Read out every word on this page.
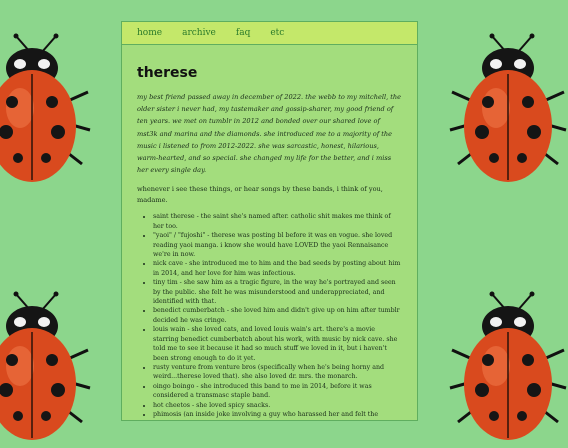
home archive faq etc
therese

my best friend passed away in december of 2022. the webb to my mitchell, the older sister i never had, my tastemaker and gossip-sharer, my good friend of ten years. we met on tumblr in 2012 and bonded over our shared love of mst3k and marina and the diamonds. she introduced me to a majority of the music i listened to from 2012-2022. she was sarcastic, honest, hilarious, warm-hearted, and so special. she changed my life for the better, and i miss her every single day.

whenever i see these things, or hear songs by these bands, i think of you, madame.

• saint therese - the saint she's named after. catholic shit makes me think of her too.
• "yaoi" / "fujoshi" - therese was posting bl before it was en vogue. she loved reading yaoi manga. i know she would have LOVED the yaoi Rennaisance we're in now.
• nick cave - she introduced me to him and the bad seeds by posting about him in 2014, and her love for him was infectious.
• tiny tim - she saw him as a tragic figure, in the way he's portrayed and seen by the public. she felt he was misunderstood and underappreciated, and identified with that.
• benedict cumberbatch - she loved him and didn't give up on him after tumblr decided he was cringe.
• louis wain - she loved cats, and loved louis wain's art. there's a movie starring benedict cumberbatch about his work, with music by nick cave. she told me to see it because it had so much stuff we loved in it, but i haven't been strong enough to do it yet.
• rusty venture from venture bros (specifically when he's being horny and weird...therese loved that). she also loved dr. mrs. the monarch.
• oingo boingo - she introduced this band to me in 2014, before it was considered a transmasc staple band.
• hot cheetos - she loved spicy snacks.
• phimosis (an inside joke involving a guy who harassed her and felt the
